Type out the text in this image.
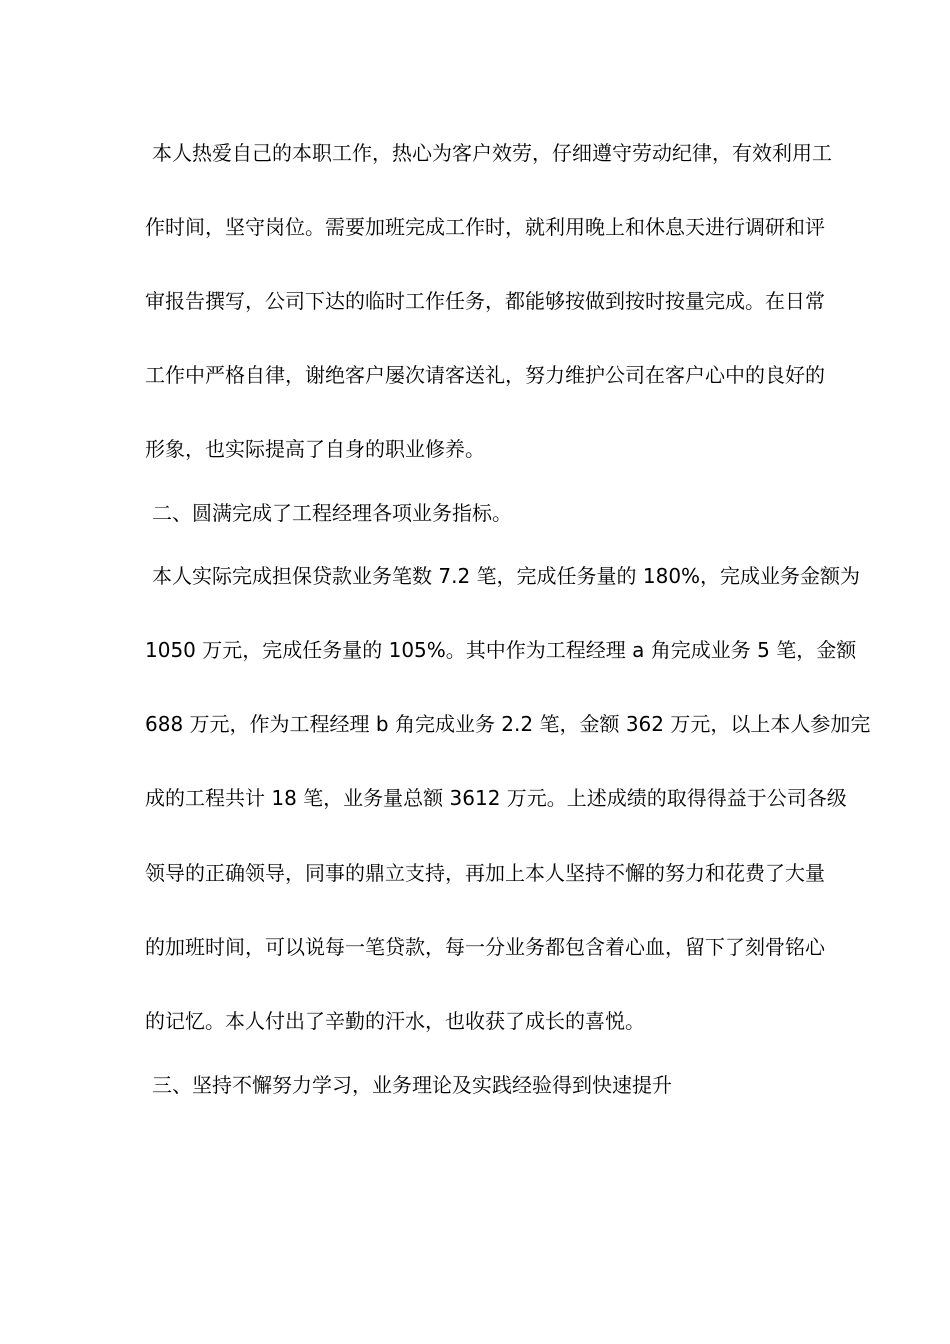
本人热爱自己的本职工作，热心为客户效劳，仔细遵守劳动纪律，有效利用工
作时间，坚守岗位。需要加班完成工作时，就利用晚上和休息天进行调研和评
审报告撰写，公司下达的临时工作任务，都能够按做到按时按量完成。在日常
工作中严格自律，谢绝客户屡次请客送礼，努力维护公司在客户心中的良好的
形象，也实际提高了自身的职业修养。
二、圆满完成了工程经理各项业务指标。
本人实际完成担保贷款业务笔数 7.2 笔，完成任务量的 180%，完成业务金额为
1050 万元，完成任务量的 105%。其中作为工程经理 a 角完成业务 5 笔，金额
688 万元，作为工程经理 b 角完成业务 2.2 笔，金额 362 万元，以上本人参加完
成的工程共计 18 笔，业务量总额 3612 万元。上述成绩的取得得益于公司各级
领导的正确领导，同事的鼎立支持，再加上本人坚持不懈的努力和花费了大量
的加班时间，可以说每一笔贷款，每一分业务都包含着心血，留下了刻骨铭心
的记忆。本人付出了辛勤的汗水，也收获了成长的喜悦。
三、坚持不懈努力学习，业务理论及实践经验得到快速提升
